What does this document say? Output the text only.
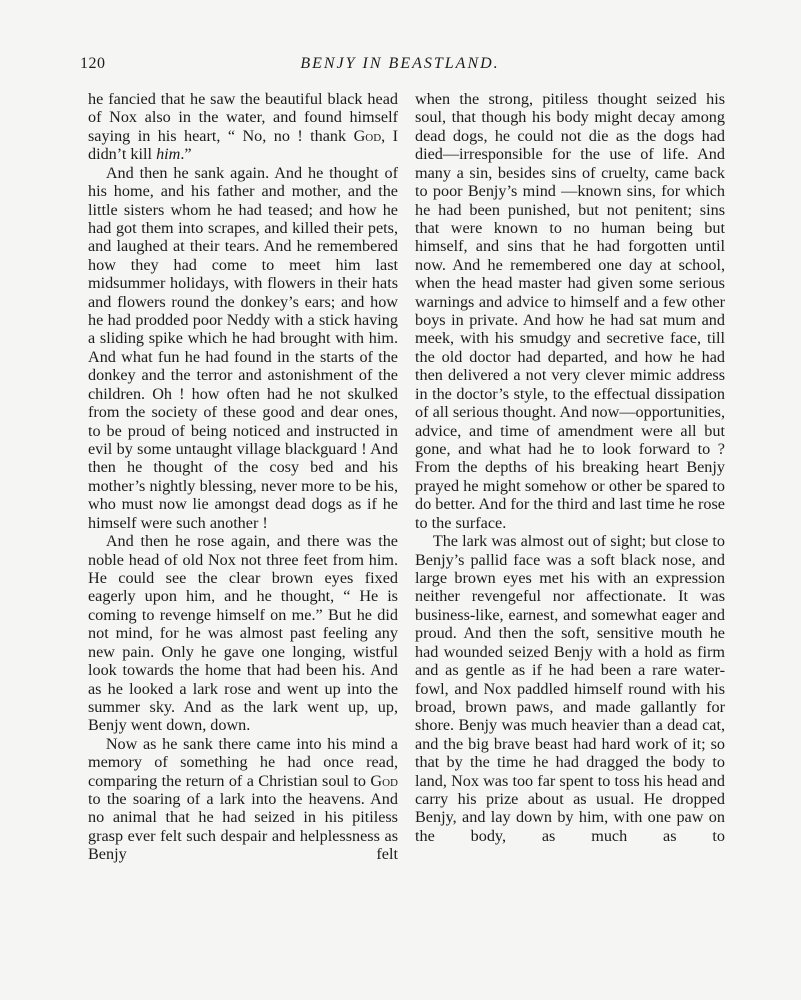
120	BENJY IN BEASTLAND.

he fancied that he saw the beautiful black head of Nox also in the water, and found himself saying in his heart, “ No, no ! thank God, I didn’t kill him.”

And then he sank again. And he thought of his home, and his father and mother, and the little sisters whom he had teased; and how he had got them into scrapes, and killed their pets, and laughed at their tears. And he remembered how they had come to meet him last midsummer holidays, with flowers in their hats and flowers round the donkey’s ears; and how he had prodded poor Neddy with a stick having a sliding spike which he had brought with him. And what fun he had found in the starts of the donkey and the terror and astonishment of the children. Oh ! how often had he not skulked from the society of these good and dear ones, to be proud of being noticed and instructed in evil by some untaught village blackguard ! And then he thought of the cosy bed and his mother’s nightly blessing, never more to be his, who must now lie amongst dead dogs as if he himself were such another !

And then he rose again, and there was the noble head of old Nox not three feet from him. He could see the clear brown eyes fixed eagerly upon him, and he thought, “ He is coming to revenge himself on me.” But he did not mind, for he was almost past feeling any new pain. Only he gave one longing, wistful look towards the home that had been his. And as he looked a lark rose and went up into the summer sky. And as the lark went up, up, Benjy went down, down.

Now as he sank there came into his mind a memory of something he had once read, comparing the return of a Christian soul to God to the soaring of a lark into the heavens. And no animal that he had seized in his pitiless grasp ever felt such despair and helplessness as Benjy felt

when the strong, pitiless thought seized his soul, that though his body might decay among dead dogs, he could not die as the dogs had died—irresponsible for the use of life. And many a sin, besides sins of cruelty, came back to poor Benjy’s mind —known sins, for which he had been punished, but not penitent; sins that were known to no human being but himself, and sins that he had forgotten until now. And he remembered one day at school, when the head master had given some serious warnings and advice to himself and a few other boys in private. And how he had sat mum and meek, with his smudgy and secretive face, till the old doctor had departed, and how he had then delivered a not very clever mimic address in the doctor’s style, to the effectual dissipation of all serious thought. And now—opportunities, advice, and time of amendment were all but gone, and what had he to look forward to ? From the depths of his breaking heart Benjy prayed he might somehow or other be spared to do better. And for the third and last time he rose to the surface.

The lark was almost out of sight; but close to Benjy’s pallid face was a soft black nose, and large brown eyes met his with an expression neither revengeful nor affectionate. It was business-like, earnest, and somewhat eager and proud. And then the soft, sensitive mouth he had wounded seized Benjy with a hold as firm and as gentle as if he had been a rare water-fowl, and Nox paddled himself round with his broad, brown paws, and made gallantly for shore. Benjy was much heavier than a dead cat, and the big brave beast had hard work of it; so that by the time he had dragged the body to land, Nox was too far spent to toss his head and carry his prize about as usual. He dropped Benjy, and lay down by him, with one paw on the body, as much as to
